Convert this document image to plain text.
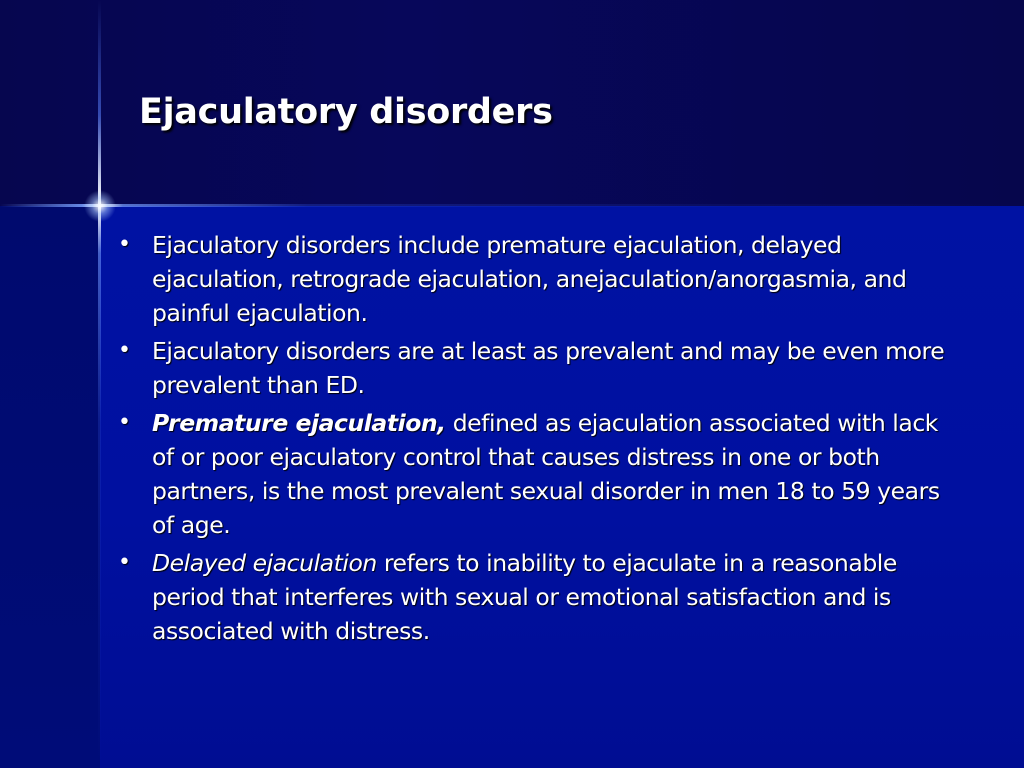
Ejaculatory disorders
• Ejaculatory disorders include premature ejaculation, delayed ejaculation, retrograde ejaculation, anejaculation/anorgasmia, and painful ejaculation.
• Ejaculatory disorders are at least as prevalent and may be even more prevalent than ED.
• Premature ejaculation, defined as ejaculation associated with lack of or poor ejaculatory control that causes distress in one or both partners, is the most prevalent sexual disorder in men 18 to 59 years of age.
• Delayed ejaculation refers to inability to ejaculate in a reasonable period that interferes with sexual or emotional satisfaction and is associated with distress.
